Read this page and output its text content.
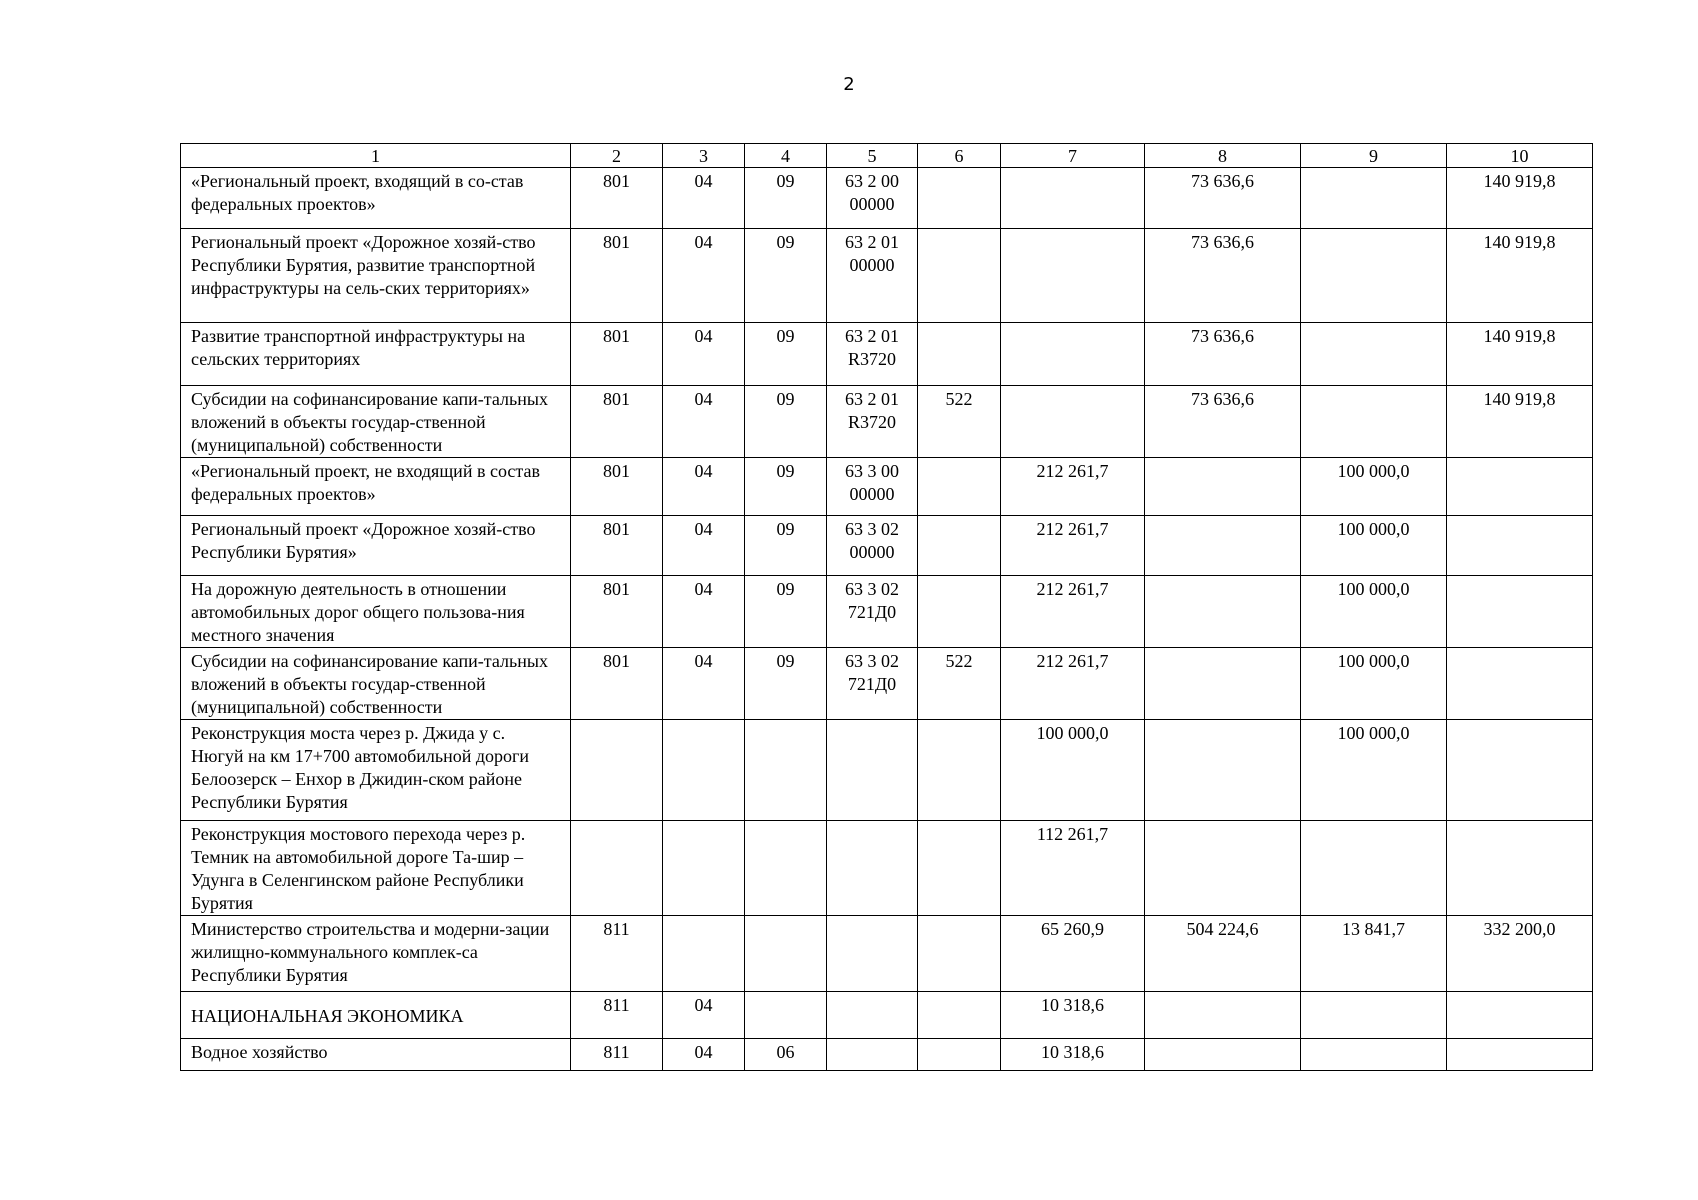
2
1	2	3	4	5	6	7	8	9	10
«Региональный проект, входящий в со-став федеральных проектов»	801	04	09	63 2 00 00000			73 636,6		140 919,8
Региональный проект «Дорожное хозяй-ство Республики Бурятия, развитие транспортной инфраструктуры на сель-ских территориях»	801	04	09	63 2 01 00000			73 636,6		140 919,8
Развитие транспортной инфраструктуры на сельских территориях	801	04	09	63 2 01 R3720			73 636,6		140 919,8
Субсидии на софинансирование капи-тальных вложений в объекты государ-ственной (муниципальной) собственности	801	04	09	63 2 01 R3720	522		73 636,6		140 919,8
«Региональный проект, не входящий в состав федеральных проектов»	801	04	09	63 3 00 00000		212 261,7		100 000,0	
Региональный проект «Дорожное хозяй-ство Республики Бурятия»	801	04	09	63 3 02 00000		212 261,7		100 000,0	
На дорожную деятельность в отношении автомобильных дорог общего пользова-ния местного значения	801	04	09	63 3 02 721Д0		212 261,7		100 000,0	
Субсидии на софинансирование капи-тальных вложений в объекты государ-ственной (муниципальной) собственности	801	04	09	63 3 02 721Д0	522	212 261,7		100 000,0	
Реконструкция моста через р. Джида у с. Нюгуй на км 17+700 автомобильной дороги Белоозерск – Енхор в Джидин-ском районе Республики Бурятия						100 000,0		100 000,0	
Реконструкция мостового перехода через р. Темник на автомобильной дороге Та-шир – Удунга в Селенгинском районе Республики Бурятия						112 261,7			
Министерство строительства и модерни-зации жилищно-коммунального комплек-са Республики Бурятия	811					65 260,9	504 224,6	13 841,7	332 200,0
НАЦИОНАЛЬНАЯ ЭКОНОМИКА	811	04				10 318,6			
Водное хозяйство	811	04	06			10 318,6			
